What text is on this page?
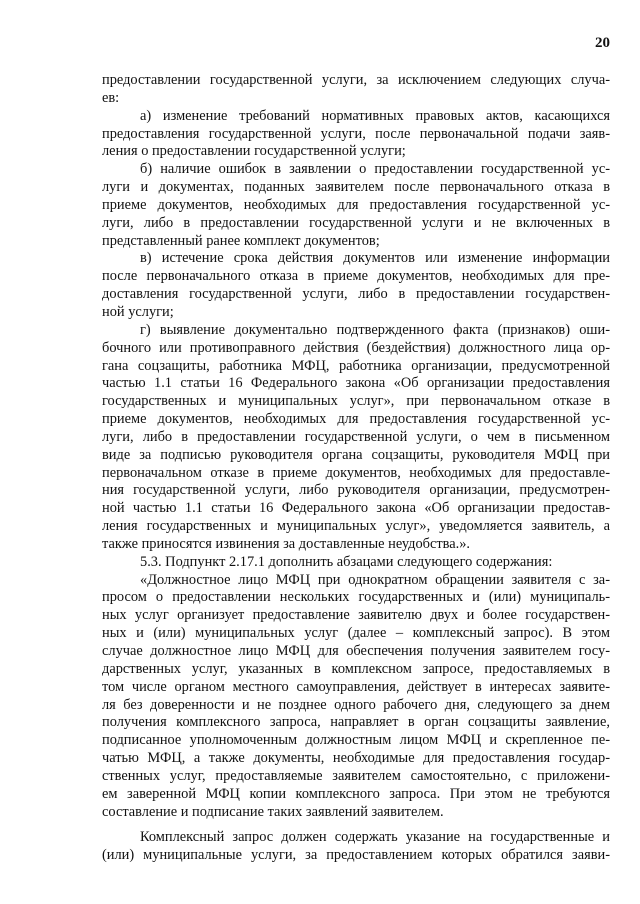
20
предоставлении государственной услуги, за исключением следующих случа-
ев:
а) изменение требований нормативных правовых актов, касающихся
предоставления государственной услуги, после первоначальной подачи заяв-
ления о предоставлении государственной услуги;
б) наличие ошибок в заявлении о предоставлении государственной ус-
луги и документах, поданных заявителем после первоначального отказа в
приеме документов, необходимых для предоставления государственной ус-
луги, либо в предоставлении государственной услуги и не включенных в
представленный ранее комплект документов;
в) истечение срока действия документов или изменение информации
после первоначального отказа в приеме документов, необходимых для пре-
доставления государственной услуги, либо в предоставлении государствен-
ной услуги;
г) выявление документально подтвержденного факта (признаков) оши-
бочного или противоправного действия (бездействия) должностного лица ор-
гана соцзащиты, работника МФЦ, работника организации, предусмотренной
частью 1.1 статьи 16 Федерального закона «Об организации предоставления
государственных и муниципальных услуг», при первоначальном отказе в
приеме документов, необходимых для предоставления государственной ус-
луги, либо в предоставлении государственной услуги, о чем в письменном
виде за подписью руководителя органа соцзащиты, руководителя МФЦ при
первоначальном отказе в приеме документов, необходимых для предоставле-
ния государственной услуги, либо руководителя организации, предусмотрен-
ной частью 1.1 статьи 16 Федерального закона «Об организации предостав-
ления государственных и муниципальных услуг», уведомляется заявитель, а
также приносятся извинения за доставленные неудобства.».
5.3. Подпункт 2.17.1 дополнить абзацами следующего содержания:
«Должностное лицо МФЦ при однократном обращении заявителя с за-
просом о предоставлении нескольких государственных и (или) муниципаль-
ных услуг организует предоставление заявителю двух и более государствен-
ных и (или) муниципальных услуг (далее – комплексный запрос). В этом
случае должностное лицо МФЦ для обеспечения получения заявителем госу-
дарственных услуг, указанных в комплексном запросе, предоставляемых в
том числе органом местного самоуправления, действует в интересах заявите-
ля без доверенности и не позднее одного рабочего дня, следующего за днем
получения комплексного запроса, направляет в орган соцзащиты заявление,
подписанное уполномоченным должностным лицом МФЦ и скрепленное пе-
чатью МФЦ, а также документы, необходимые для предоставления государ-
ственных услуг, предоставляемые заявителем самостоятельно, с приложени-
ем заверенной МФЦ копии комплексного запроса. При этом не требуются
составление и подписание таких заявлений заявителем.
Комплексный запрос должен содержать указание на государственные и
(или) муниципальные услуги, за предоставлением которых обратился заяви-
